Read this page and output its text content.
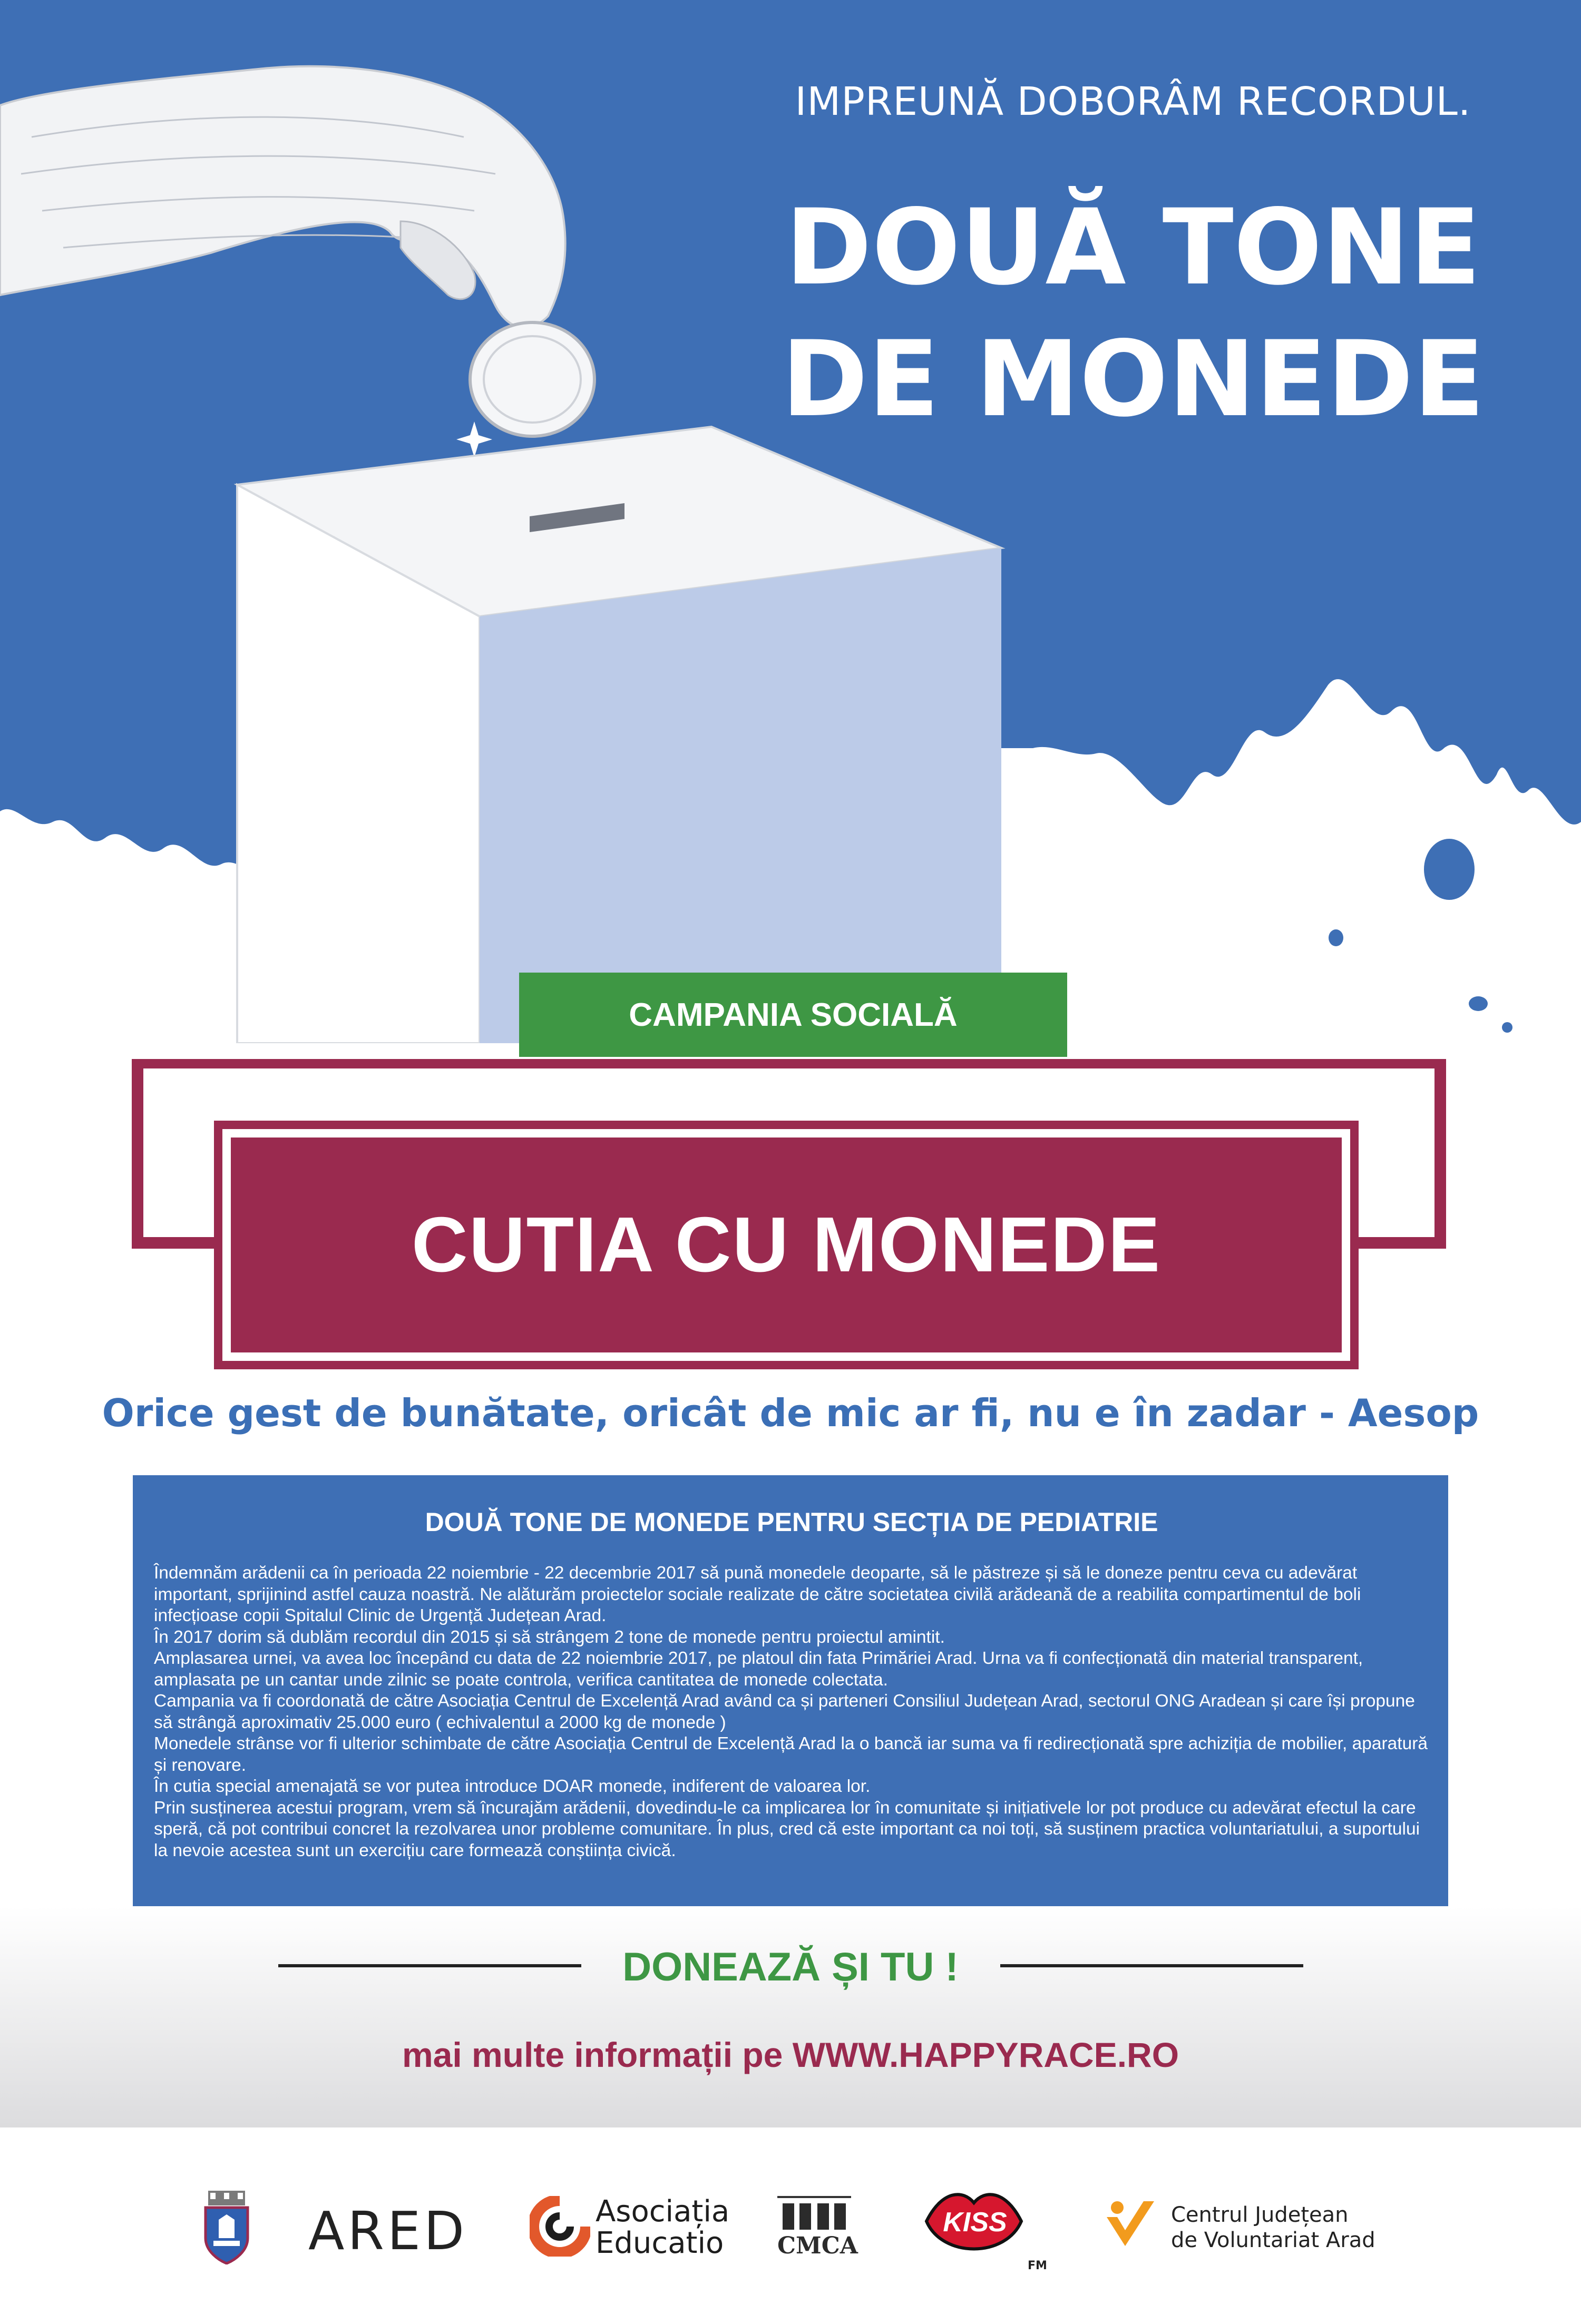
IMPREUNĂ DOBORÂM RECORDUL.
DOUĂ TONE
DE MONEDE
CAMPANIA SOCIALĂ
CUTIA CU MONEDE
Orice gest de bunătate, oricât de mic ar fi, nu e în zadar - Aesop
DOUĂ TONE DE MONEDE PENTRU SECȚIA DE PEDIATRIE

Îndemnăm arădenii ca în perioada 22 noiembrie - 22 decembrie 2017 să pună monedele deoparte, să le păstreze și să le doneze pentru ceva cu adevărat important, sprijinind astfel cauza noastră. Ne alăturăm proiectelor sociale realizate de către societatea civilă arădeană de a reabilita compartimentul de boli infecțioase copii Spitalul Clinic de Urgență Județean Arad.

În 2017 dorim să dublăm recordul din 2015 și să strângem 2 tone de monede pentru proiectul amintit.

Amplasarea urnei, va avea loc începând cu data de 22 noiembrie 2017, pe platoul din fata Primăriei Arad. Urna va fi confecționată din material transparent, amplasata pe un cantar unde zilnic se poate controla, verifica cantitatea de monede colectata.

Campania va fi coordonată de către Asociația Centrul de Excelență Arad având ca și parteneri Consiliul Județean Arad, sectorul ONG Aradean și care își propune să strângă aproximativ 25.000 euro ( echivalentul a 2000 kg de monede )

Monedele strânse vor fi ulterior schimbate de către Asociația Centrul de Excelență Arad la o bancă iar suma va fi redirecționată spre achiziția de mobilier, aparatură și renovare.

În cutia special amenajată se vor putea introduce DOAR monede, indiferent de valoarea lor.

Prin susținerea acestui program, vrem să încurajăm arădenii, dovedindu-le ca implicarea lor în comunitate și inițiativele lor pot produce cu adevărat efectul la care speră, că pot contribui concret la rezolvarea unor probleme comunitare. În plus, cred că este important ca noi toți, să susținem practica voluntariatului, a suportului la nevoie acestea sunt un exercițiu care formează conștiința civică.

DONEAZĂ ȘI TU !
mai multe informații pe WWW.HAPPYRACE.RO
ARED	Asociația
Educatio CMCA
KISS
FM
Centrul Județean
de Voluntariat Arad
